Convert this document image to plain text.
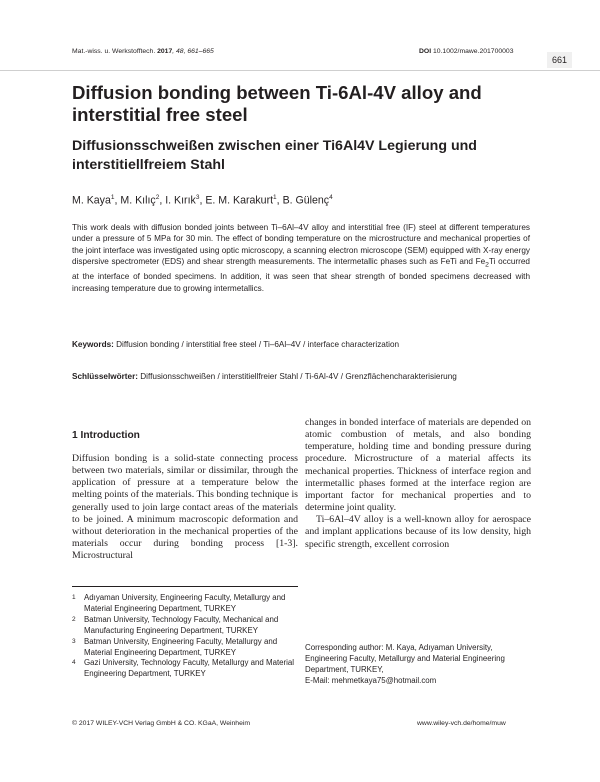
Mat.-wiss. u. Werkstofftech. 2017, 48, 661–665	DOI 10.1002/mawe.201700003
661
Diffusion bonding between Ti-6Al-4V alloy and interstitial free steel
Diffusionsschweißen zwischen einer Ti6Al4V Legierung und interstitiellfreiem Stahl
M. Kaya$^1$, M. Kılıç$^2$, I. Kırık$^3$, E. M. Karakurt$^1$, B. Gülenç$^4$
This work deals with diffusion bonded joints between Ti–6Al–4V alloy and interstitial free (IF) steel at different temperatures under a pressure of 5 MPa for 30 min. The effect of bonding temperature on the microstructure and mechanical properties of the joint interface was investigated using optic microscopy, a scanning electron microscope (SEM) equipped with X-ray energy dispersive spectrometer (EDS) and shear strength measurements. The intermetallic phases such as FeTi and $Fe_2Ti$ occurred at the interface of bonded specimens. In addition, it was seen that shear strength of bonded specimens decreased with increasing temperature due to growing intermetallics.
Keywords: Diffusion bonding / interstitial free steel / Ti–6Al–4V / interface characterization
Schlüsselwörter: Diffusionsschweißen / interstitiellfreier Stahl / Ti-6Al-4V / Grenzflächencharakterisierung
1 Introduction
Diffusion bonding is a solid-state connecting process between two materials, similar or dissimilar, through the application of pressure at a temperature below the melting points of the materials. This bonding technique is generally used to join large contact areas of the materials to be joined. A minimum macroscopic deformation and without deterioration in the mechanical properties of the materials occur during bonding process [1-3]. Microstructural
changes in bonded interface of materials are depended on atomic combustion of metals, and also bonding temperature, holding time and bonding pressure during procedure. Microstructure of a material affects its mechanical properties. Thickness of interface region and intermetallic phases formed at the interface region are important factor for mechanical properties and to determine joint quality.
Ti–6Al–4V alloy is a well-known alloy for aerospace and implant applications because of its low density, high specific strength, excellent corrosion
1 Adıyaman University, Engineering Faculty, Metallurgy and Material Engineering Department, TURKEY
2 Batman University, Technology Faculty, Mechanical and Manufacturing Engineering Department, TURKEY
3 Batman University, Engineering Faculty, Metallurgy and Material Engineering Department, TURKEY
4 Gazi University, Technology Faculty, Metallurgy and Material Engineering Department, TURKEY
Corresponding author: M. Kaya, Adıyaman University, Engineering Faculty, Metallurgy and Material Engineering Department, TURKEY,
E-Mail: mehmetkaya75@hotmail.com
© 2017 WILEY-VCH Verlag GmbH & CO. KGaA, Weinheim	www.wiley-vch.de/home/muw
